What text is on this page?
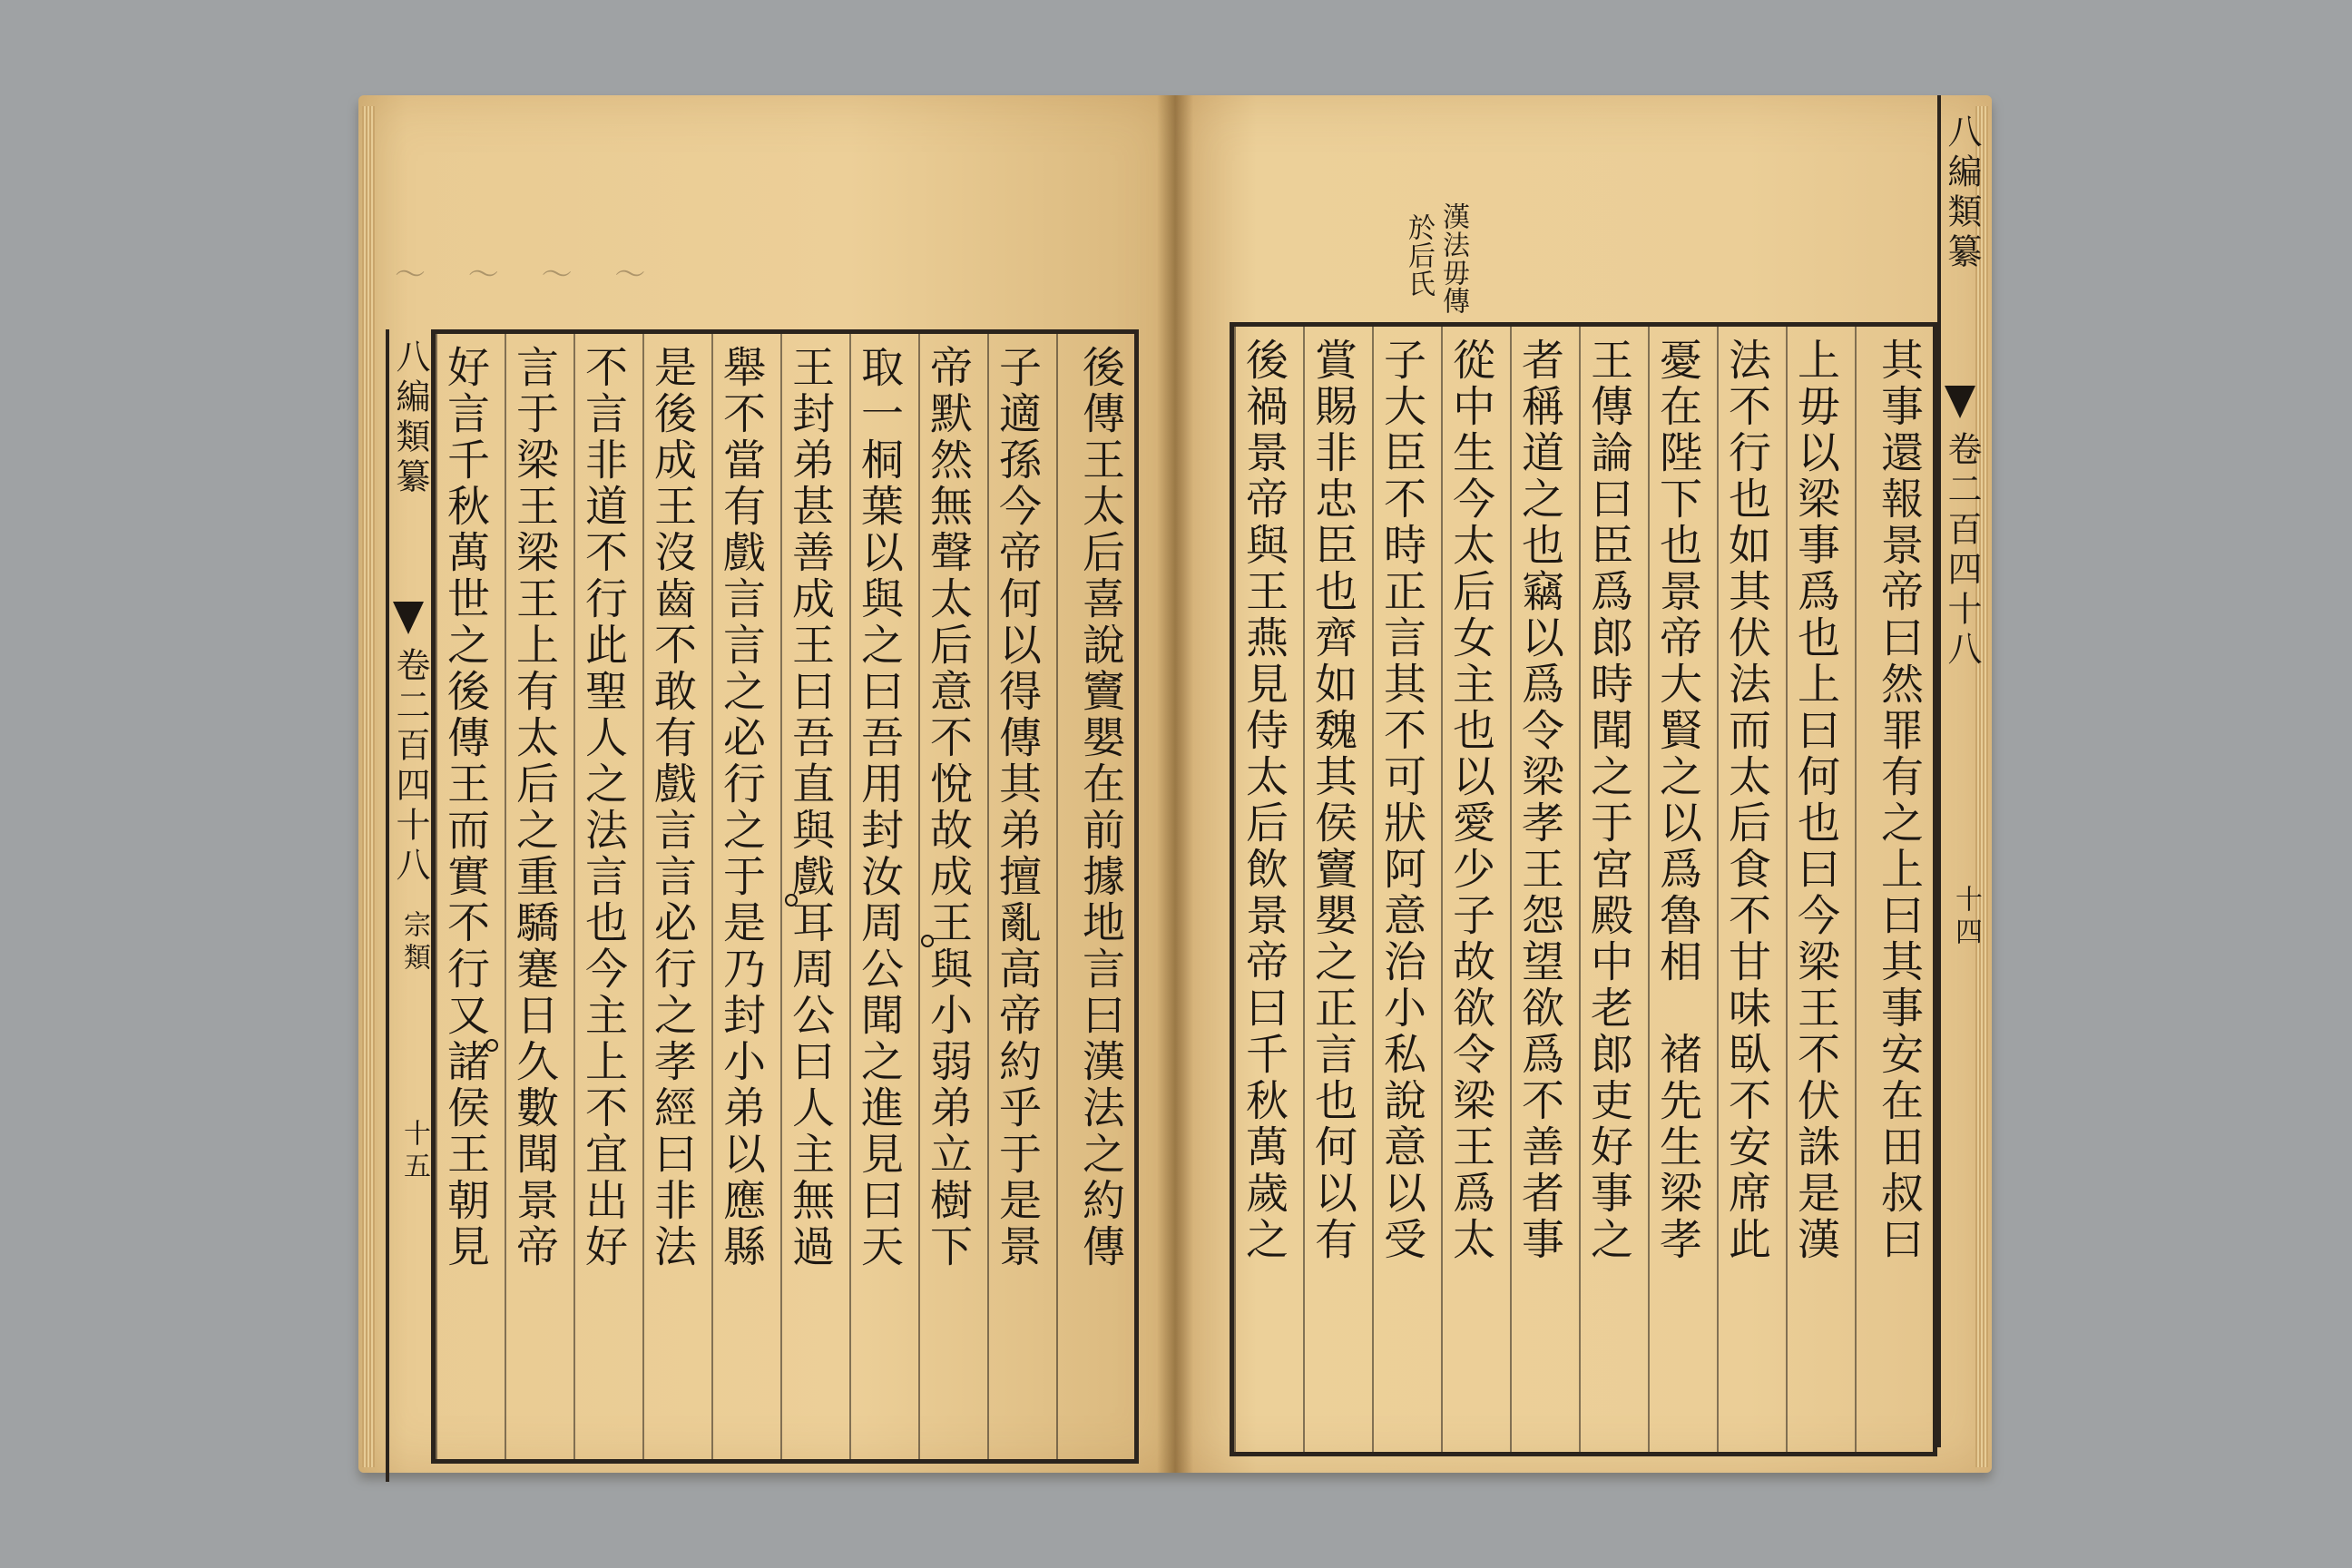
～ ～ ～ ～
八編類纂
卷二百四十八
宗類
十五 好言千秋萬世之後傳王而實不行又諸侯王朝見 言于梁王梁王上有太后之重驕蹇日久數聞景帝 不言非道不行此聖人之法言也今主上不宜出好 是後成王沒齒不敢有戲言言必行之孝經曰非法 舉不當有戲言言之必行之于是乃封小弟以應縣 王封弟甚善成王曰吾直與戲耳周公曰人主無過 取一桐葉以與之曰吾用封汝周公聞之進見曰天 帝默然無聲太后意不悅故成王與小弱弟立樹下 子適孫今帝何以得傳其弟擅亂高帝約乎于是景 後傳王太后喜說竇嬰在前據地言曰漢法之約傳
漢法毋傳
於后氏
後禍景帝與王燕見侍太后飲景帝曰千秋萬歲之 賞賜非忠臣也齊如魏其侯竇嬰之正言也何以有 子大臣不時正言其不可狀阿意治小私說意以受 從中生今太后女主也以愛少子故欲令梁王爲太 者稱道之也竊以爲令梁孝王怨望欲爲不善者事 王傳論曰臣爲郎時聞之于宮殿中老郎吏好事之 憂在陛下也景帝大賢之以爲魯相　褚先生梁孝 法不行也如其伏法而太后食不甘味臥不安席此 上毋以梁事爲也上曰何也曰今梁王不伏誅是漢 其事還報景帝曰然罪有之上曰其事安在田叔曰
八編類纂
卷二百四十八
十四
